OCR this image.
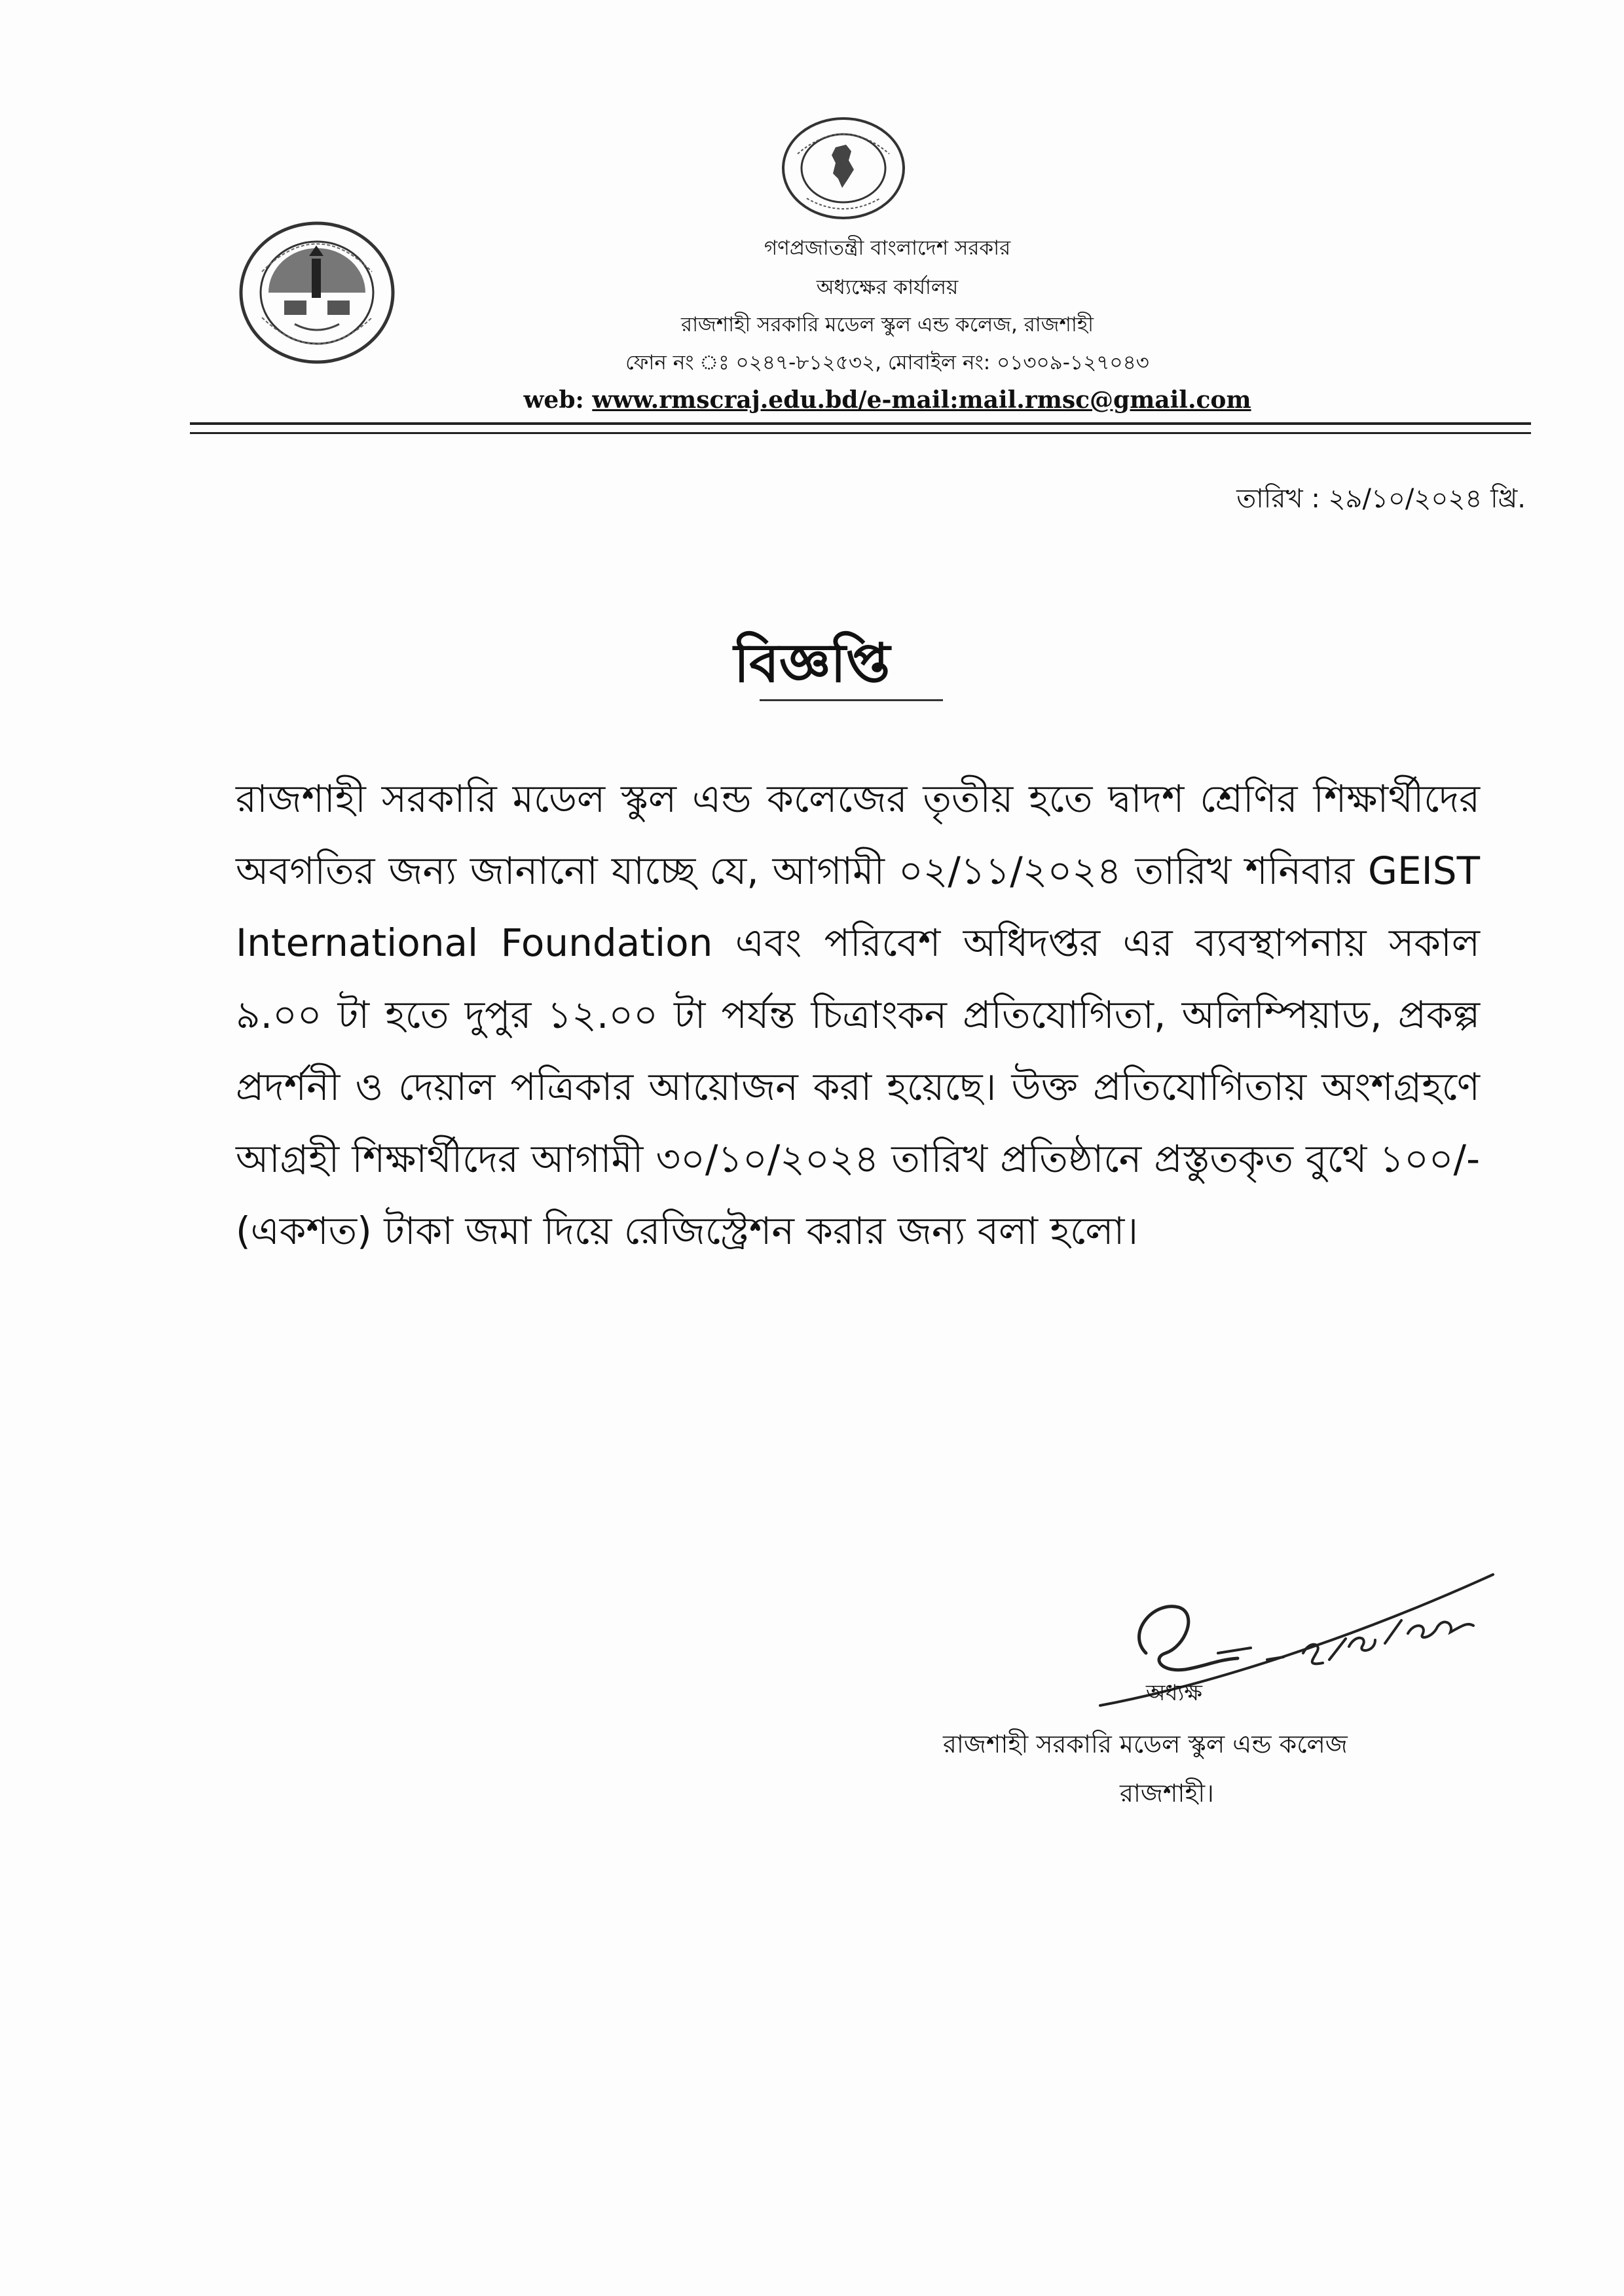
গণপ্রজাতন্ত্রী বাংলাদেশ সরকার
অধ্যক্ষের কার্যালয়
রাজশাহী সরকারি মডেল স্কুল এন্ড কলেজ, রাজশাহী
ফোন নং ঃ ০২৪৭-৮১২৫৩২, মোবাইল নং: ০১৩০৯-১২৭০৪৩
web: www.rmscraj.edu.bd/e-mail:mail.rmsc@gmail.com
তারিখ : ২৯/১০/২০২৪ খ্রি.
বিজ্ঞপ্তি
রাজশাহী সরকারি মডেল স্কুল এন্ড কলেজের তৃতীয় হতে দ্বাদশ শ্রেণির শিক্ষার্থীদের অবগতির জন্য জানানো যাচ্ছে যে, আগামী ০২/১১/২০২৪ তারিখ শনিবার GEIST International Foundation এবং পরিবেশ অধিদপ্তর এর ব্যবস্থাপনায় সকাল ৯.০০ টা হতে দুপুর ১২.০০ টা পর্যন্ত চিত্রাংকন প্রতিযোগিতা, অলিম্পিয়াড, প্রকল্প প্রদর্শনী ও দেয়াল পত্রিকার আয়োজন করা হয়েছে। উক্ত প্রতিযোগিতায় অংশগ্রহণে আগ্রহী শিক্ষার্থীদের আগামী ৩০/১০/২০২৪ তারিখ প্রতিষ্ঠানে প্রস্তুতকৃত বুথে ১০০/- (একশত) টাকা জমা দিয়ে রেজিস্ট্রেশন করার জন্য বলা হলো।
অধ্যক্ষ
রাজশাহী সরকারি মডেল স্কুল এন্ড কলেজ
রাজশাহী।
